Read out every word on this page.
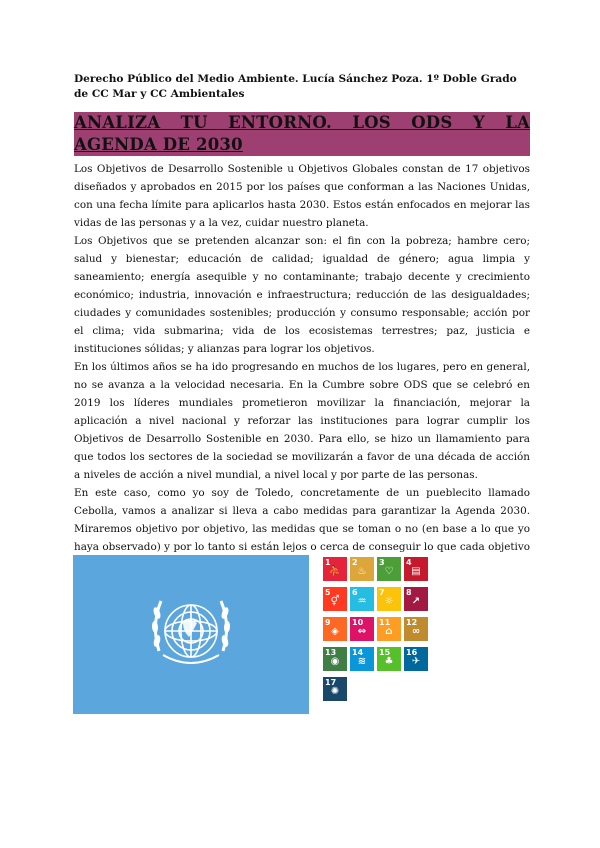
Derecho Público del Medio Ambiente. Lucía Sánchez Poza. 1º Doble Grado de CC Mar y CC Ambientales
ANALIZA TU ENTORNO. LOS ODS Y LA AGENDA DE 2030

Los Objetivos de Desarrollo Sostenible u Objetivos Globales constan de 17 objetivos diseñados y aprobados en 2015 por los países que conforman a las Naciones Unidas, con una fecha límite para aplicarlos hasta 2030. Estos están enfocados en mejorar las vidas de las personas y a la vez, cuidar nuestro planeta.

Los Objetivos que se pretenden alcanzar son: el fin con la pobreza; hambre cero; salud y bienestar; educación de calidad; igualdad de género; agua limpia y saneamiento; energía asequible y no contaminante; trabajo decente y crecimiento económico; industria, innovación e infraestructura; reducción de las desigualdades; ciudades y comunidades sostenibles; producción y consumo responsable; acción por el clima; vida submarina; vida de los ecosistemas terrestres; paz, justicia e instituciones sólidas; y alianzas para lograr los objetivos.

En los últimos años se ha ido progresando en muchos de los lugares, pero en general, no se avanza a la velocidad necesaria. En la Cumbre sobre ODS que se celebró en 2019 los líderes mundiales prometieron movilizar la financiación, mejorar la aplicación a nivel nacional y reforzar las instituciones para lograr cumplir los Objetivos de Desarrollo Sostenible en 2030. Para ello, se hizo un llamamiento para que todos los sectores de la sociedad se movilizarán a favor de una década de acción a niveles de acción a nivel mundial, a nivel local y por parte de las personas.

En este caso, como yo soy de Toledo, concretamente de un pueblecito llamado Cebolla, vamos a analizar si lleva a cabo medidas para garantizar la Agenda 2030. Miraremos objetivo por objetivo, las medidas que se toman o no (en base a lo que yo haya observado) y por lo tanto si están lejos o cerca de conseguir lo que cada objetivo

1
⛹
2
♨
3
♡
4
▤
5
⚥
6
♒
7
☼
8
↗
9
◈
10
⇔
11
⌂
12
∞
13
◉
14
≋
15
♣
16
✈
17
✺
